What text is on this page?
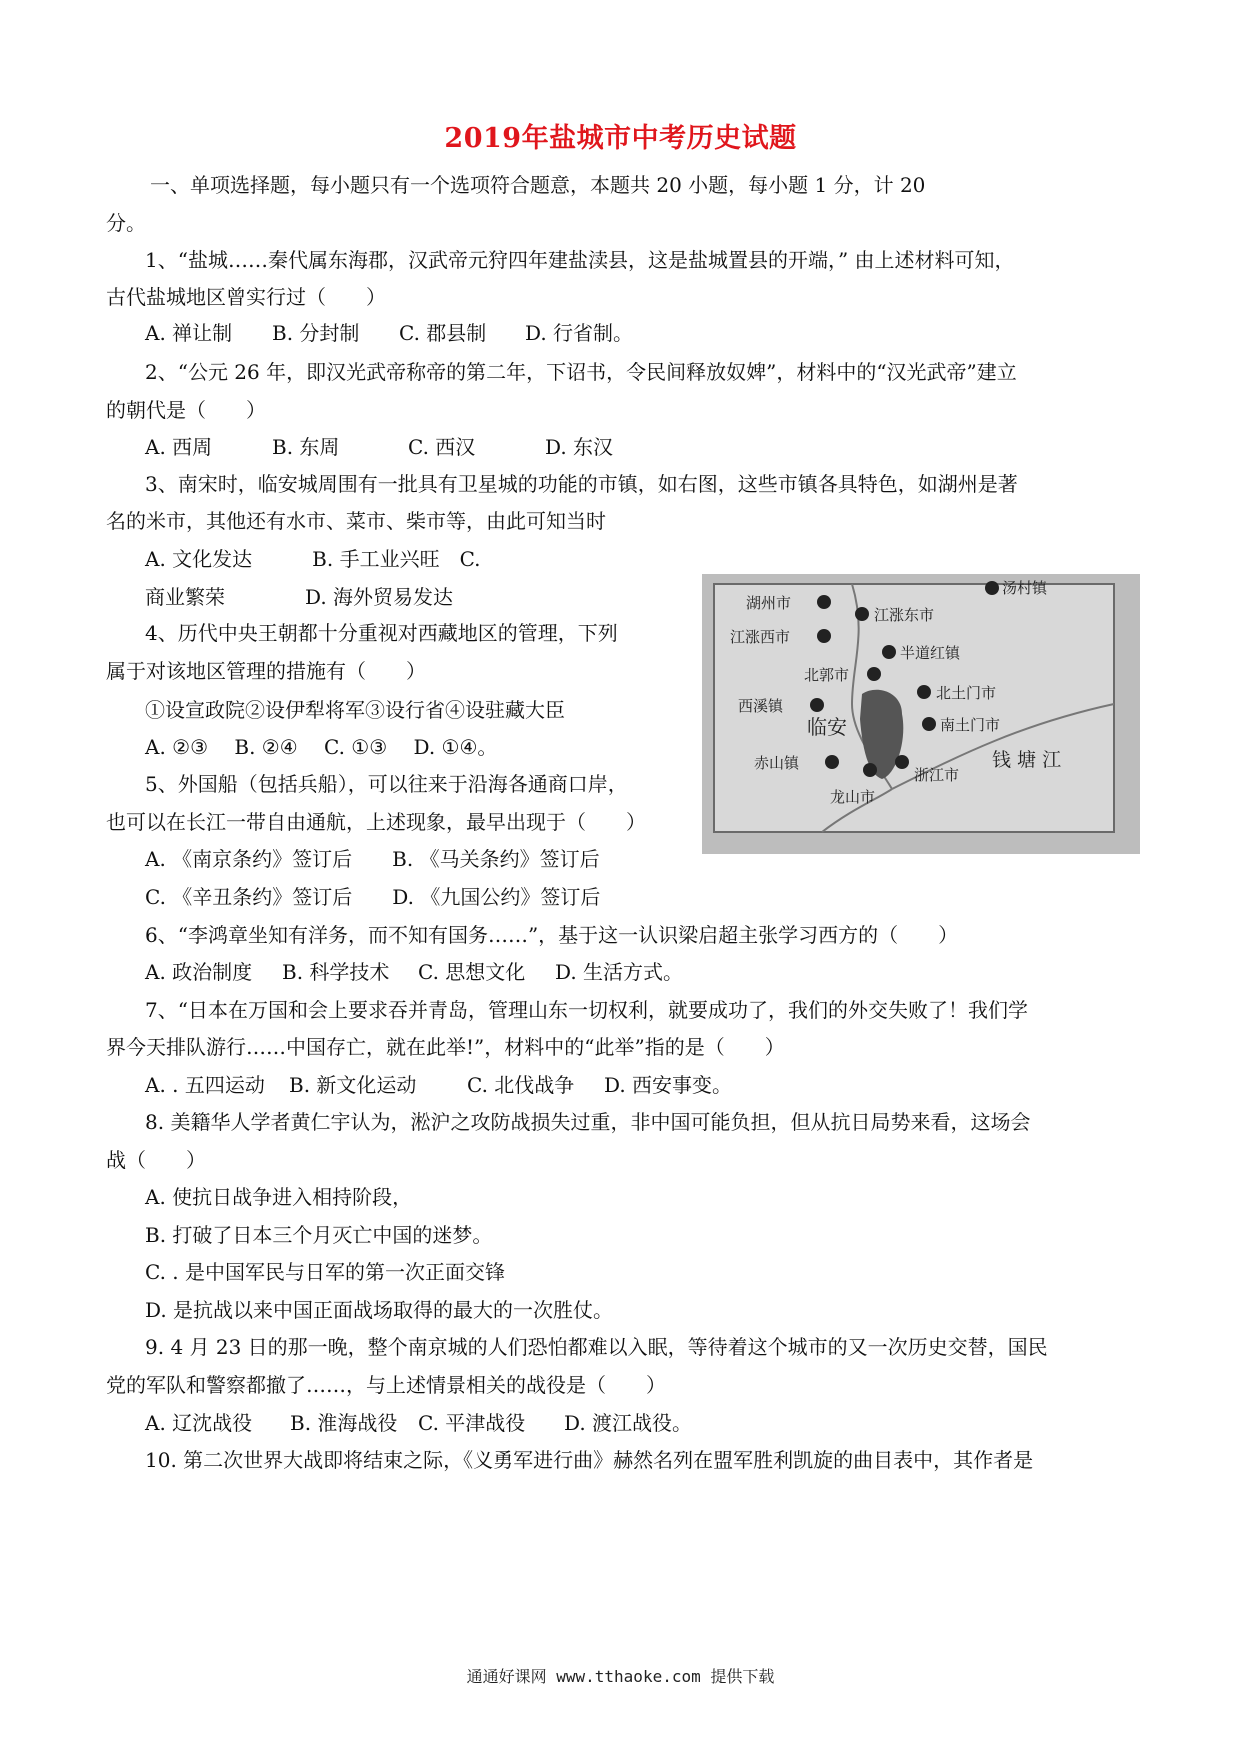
2019年盐城市中考历史试题
一、单项选择题，每小题只有一个选项符合题意，本题共 20 小题，每小题 1 分，计 20
分。
1、“盐城……秦代属东海郡，汉武帝元狩四年建盐渎县，这是盐城置县的开端，” 由上述材料可知，
古代盐城地区曾实行过（　　）
A. 禅让制 B. 分封制 C. 郡县制 D. 行省制。
2、“公元 26 年，即汉光武帝称帝的第二年，下诏书，令民间释放奴婢”，材料中的“汉光武帝”建立
的朝代是（　　）
A. 西周	B. 东周	C. 西汉	D. 东汉
3、南宋时，临安城周围有一批具有卫星城的功能的市镇，如右图，这些市镇各具特色，如湖州是著
名的米市，其他还有水市、菜市、柴市等，由此可知当时
A. 文化发达　　　B. 手工业兴旺　C.
商业繁荣　　　　D. 海外贸易发达	湖州市
汤村镇
江涨东市
江涨西市
半道红镇
北郭市
北土门市
西溪镇
临安	南土门市
钱 塘 江
赤山镇
浙江市
龙山市
4、历代中央王朝都十分重视对西藏地区的管理，下列
属于对该地区管理的措施有（　　）
①设宣政院②设伊犁将军③设行省④设驻藏大臣
A. ②③　 B. ②④　 C. ①③　 D. ①④。
5、外国船（包括兵船），可以往来于沿海各通商口岸，
也可以在长江一带自由通航，上述现象，最早出现于（　　）
A. 《南京条约》签订后　　B. 《马关条约》签订后
C. 《辛丑条约》签订后　　D. 《九国公约》签订后
6、“李鸿章坐知有洋务，而不知有国务……”，基于这一认识梁启超主张学习西方的（　　）
A. 政治制度 B. 科学技术 C. 思想文化 D. 生活方式。
7、“日本在万国和会上要求吞并青岛，管理山东一切权利，就要成功了，我们的外交失败了！我们学
界今天排队游行……中国存亡，就在此举!”，材料中的“此举”指的是（　　）
A. . 五四运动 B. 新文化运动	C. 北伐战争 D. 西安事变。
8. 美籍华人学者黄仁宇认为，淞沪之攻防战损失过重，非中国可能负担，但从抗日局势来看，这场会
战（　　）
A. 使抗日战争进入相持阶段，
B. 打破了日本三个月灭亡中国的迷梦。
C. . 是中国军民与日军的第一次正面交锋
D. 是抗战以来中国正面战场取得的最大的一次胜仗。
9. 4 月 23 日的那一晚，整个南京城的人们恐怕都难以入眠，等待着这个城市的又一次历史交替，国民
党的军队和警察都撤了……，与上述情景相关的战役是（　　）
A. 辽沈战役 B. 淮海战役 C. 平津战役 D. 渡江战役。
10. 第二次世界大战即将结束之际，《义勇军进行曲》赫然名列在盟军胜利凯旋的曲目表中，其作者是
通通好课网 www.tthaoke.com 提供下载
